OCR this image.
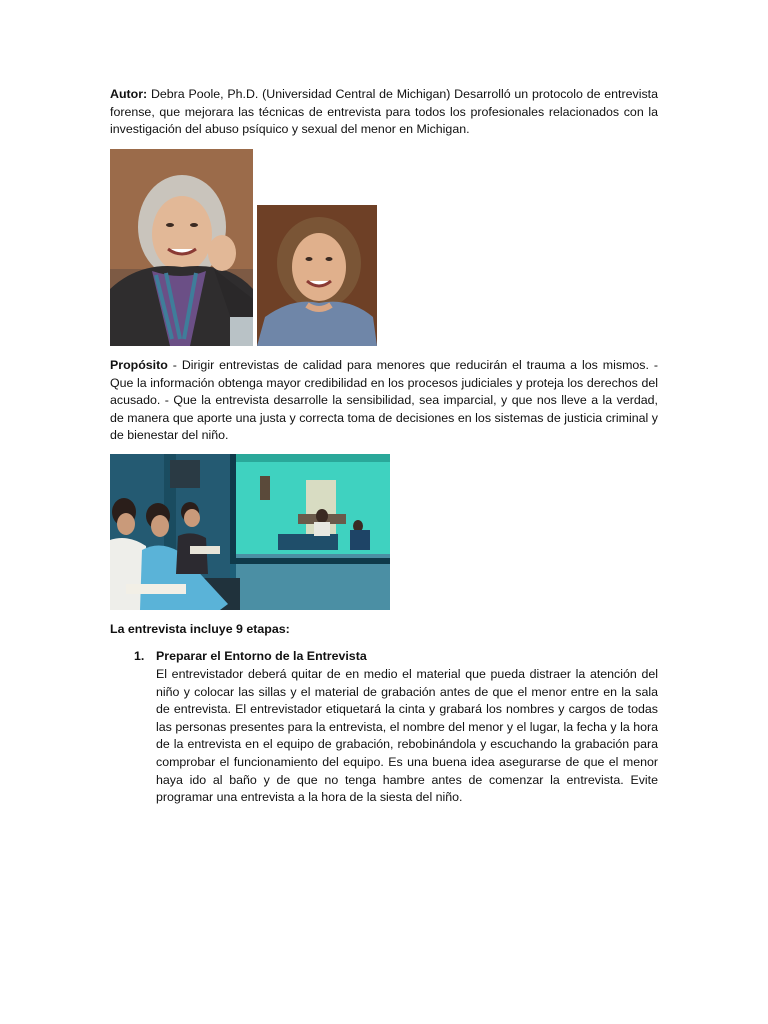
Autor: Debra Poole, Ph.D. (Universidad Central de Michigan) Desarrolló un protocolo de entrevista forense, que mejorara las técnicas de entrevista para todos los profesionales relacionados con la investigación del abuso psíquico y sexual del menor en Michigan.

Propósito - Dirigir entrevistas de calidad para menores que reducirán el trauma a los mismos. - Que la información obtenga mayor credibilidad en los procesos judiciales y proteja los derechos del acusado. - Que la entrevista desarrolle la sensibilidad, sea imparcial, y que nos lleve a la verdad, de manera que aporte una justa y correcta toma de decisiones en los sistemas de justicia criminal y de bienestar del niño.

La entrevista incluye 9 etapas:

1. Preparar el Entorno de la Entrevista

El entrevistador deberá quitar de en medio el material que pueda distraer la atención del niño y colocar las sillas y el material de grabación antes de que el menor entre en la sala de entrevista. El entrevistador etiquetará la cinta y grabará los nombres y cargos de todas las personas presentes para la entrevista, el nombre del menor y el lugar, la fecha y la hora de la entrevista en el equipo de grabación, rebobinándola y escuchando la grabación para comprobar el funcionamiento del equipo. Es una buena idea asegurarse de que el menor haya ido al baño y de que no tenga hambre antes de comenzar la entrevista. Evite programar una entrevista a la hora de la siesta del niño.
